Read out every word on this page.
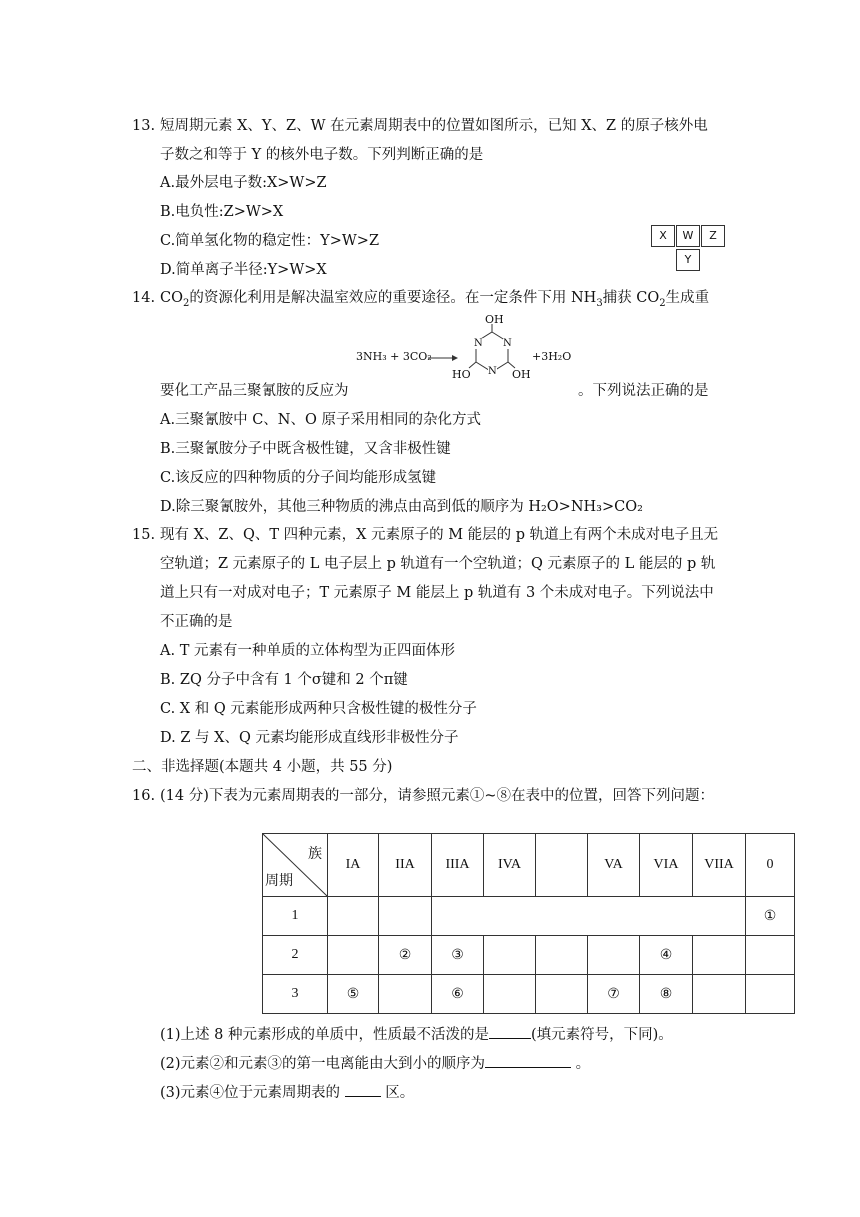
13. 短周期元素 X、Y、Z、W 在元素周期表中的位置如图所示，已知 X、Z 的原子核外电
子数之和等于 Y 的核外电子数。下列判断正确的是
A.最外层电子数:X>W>Z
B.电负性:Z>W>X
C.简单氢化物的稳定性：Y>W>Z
D.简单离子半径:Y>W>X
X	W	Z
Y
14. $CO_2$的资源化利用是解决温室效应的重要途径。在一定条件下用 $NH_3$捕获 $CO_2$生成重
3NH₃ + 3CO₂
OH
N N
N
HO	OH
+3H₂O
要化工产品三聚氰胺的反应为	。下列说法正确的是
A.三聚氰胺中 C、N、O 原子采用相同的杂化方式
B.三聚氰胺分子中既含极性键，又含非极性键
C.该反应的四种物质的分子间均能形成氢键
D.除三聚氰胺外，其他三种物质的沸点由高到低的顺序为 H₂O>NH₃>CO₂
15. 现有 X、Z、Q、T 四种元素，X 元素原子的 M 能层的 p 轨道上有两个未成对电子且无
空轨道；Z 元素原子的 L 电子层上 p 轨道有一个空轨道；Q 元素原子的 L 能层的 p 轨
道上只有一对成对电子；T 元素原子 M 能层上 p 轨道有 3 个未成对电子。下列说法中
不正确的是
A. T 元素有一种单质的立体构型为正四面体形
B. ZQ 分子中含有 1 个σ键和 2 个π键
C. X 和 Q 元素能形成两种只含极性键的极性分子
D. Z 与 X、Q 元素均能形成直线形非极性分子
二、非选择题(本题共 4 小题，共 55 分)
16. (14 分)下表为元素周期表的一部分，请参照元素①~⑧在表中的位置，回答下列问题：
族
周期	IA	IIA	IIIA	IVA		VA	VIA	VIIA	0
1									①
2		②	③				④		
3	⑤		⑥			⑦	⑧		
(1)上述 8 种元素形成的单质中，性质最不活泼的是	(填元素符号，下同)。
(2)元素②和元素③的第一电离能由大到小的顺序为	。
(3)元素④位于元素周期表的  区。
